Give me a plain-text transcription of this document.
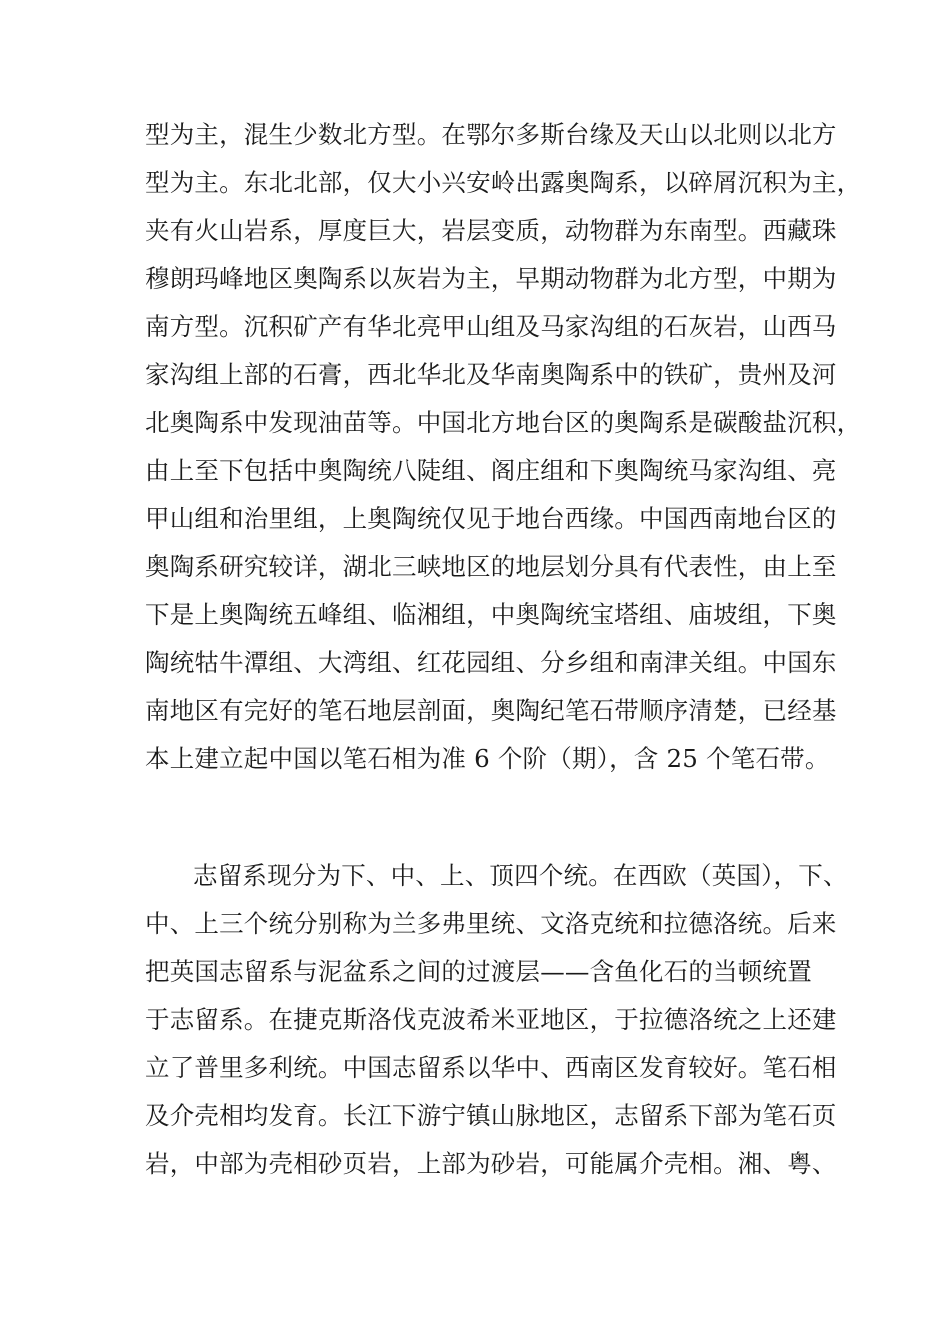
型为主，混生少数北方型。在鄂尔多斯台缘及天山以北则以北方
型为主。东北北部，仅大小兴安岭出露奥陶系，以碎屑沉积为主，
夹有火山岩系，厚度巨大，岩层变质，动物群为东南型。西藏珠
穆朗玛峰地区奥陶系以灰岩为主，早期动物群为北方型，中期为
南方型。沉积矿产有华北亮甲山组及马家沟组的石灰岩，山西马
家沟组上部的石膏，西北华北及华南奥陶系中的铁矿，贵州及河
北奥陶系中发现油苗等。中国北方地台区的奥陶系是碳酸盐沉积，
由上至下包括中奥陶统八陡组、阁庄组和下奥陶统马家沟组、亮
甲山组和治里组，上奥陶统仅见于地台西缘。中国西南地台区的
奥陶系研究较详，湖北三峡地区的地层划分具有代表性，由上至
下是上奥陶统五峰组、临湘组，中奥陶统宝塔组、庙坡组，下奥
陶统牯牛潭组、大湾组、红花园组、分乡组和南津关组。中国东
南地区有完好的笔石地层剖面，奥陶纪笔石带顺序清楚，已经基
本上建立起中国以笔石相为准 6 个阶（期），含 25 个笔石带。
志留系现分为下、中、上、顶四个统。在西欧（英国），下、
中、上三个统分别称为兰多弗里统、文洛克统和拉德洛统。后来
把英国志留系与泥盆系之间的过渡层——含鱼化石的当顿统置
于志留系。在捷克斯洛伐克波希米亚地区，于拉德洛统之上还建
立了普里多利统。中国志留系以华中、西南区发育较好。笔石相
及介壳相均发育。长江下游宁镇山脉地区，志留系下部为笔石页
岩，中部为壳相砂页岩，上部为砂岩，可能属介壳相。湘、粤、
